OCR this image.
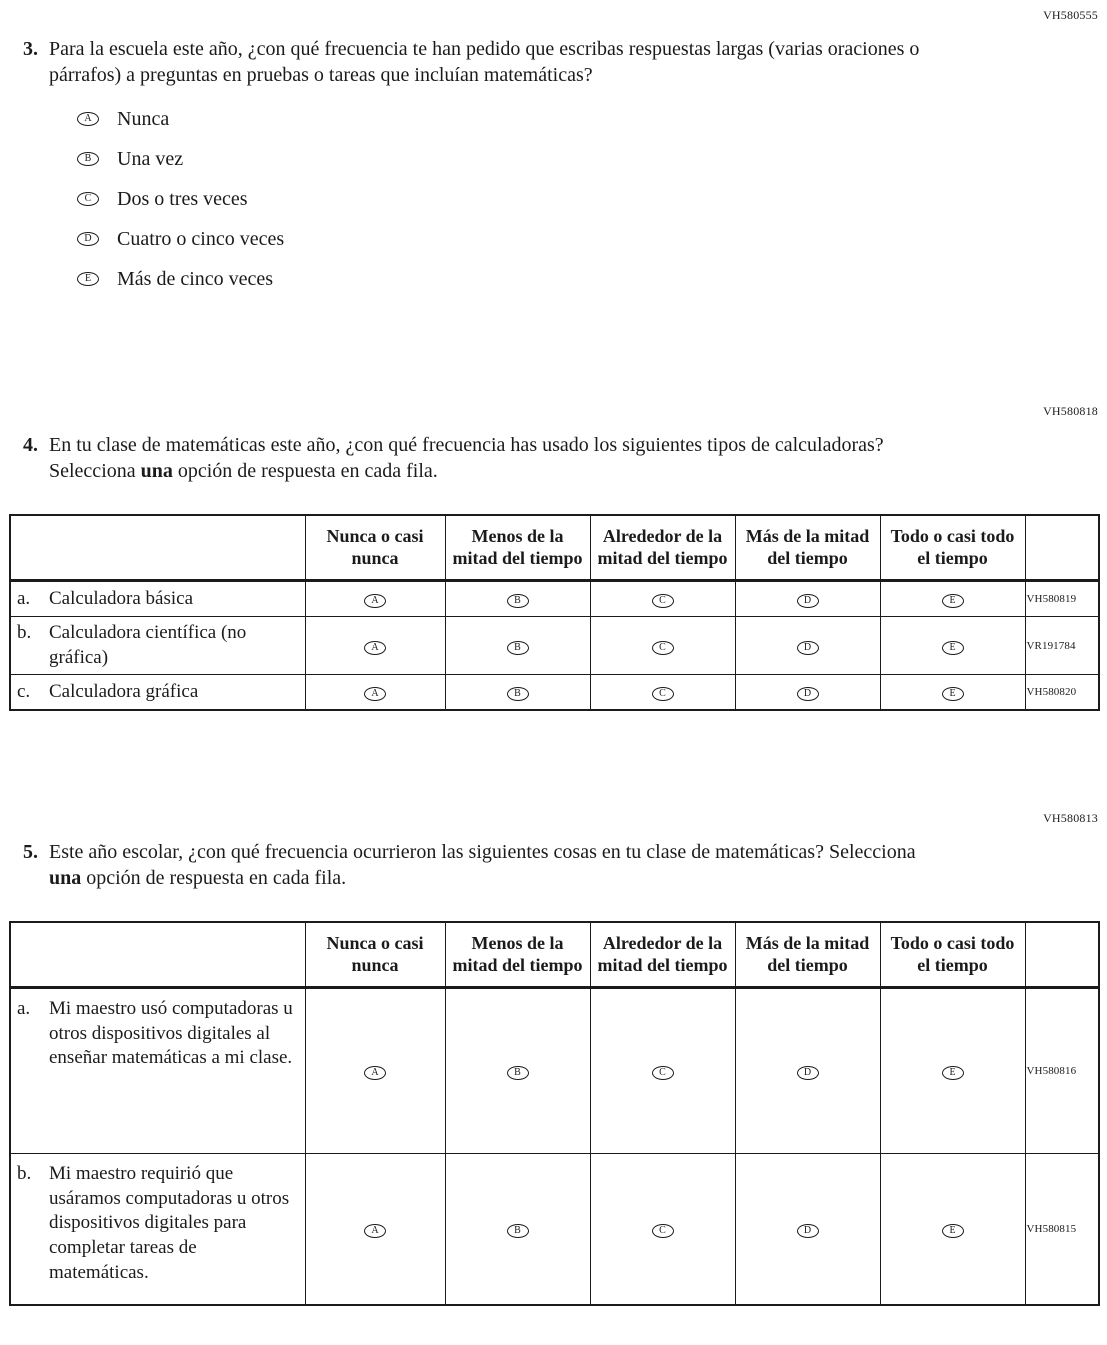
VH580555
3. Para la escuela este año, ¿con qué frecuencia te han pedido que escribas respuestas largas (varias oraciones o párrafos) a preguntas en pruebas o tareas que incluían matemáticas?
A	Nunca
B	Una vez
C	Dos o tres veces
D	Cuatro o cinco veces
E	Más de cinco veces
VH580818
4. En tu clase de matemáticas este año, ¿con qué frecuencia has usado los siguientes tipos de calculadoras? Selecciona una opción de respuesta en cada fila.
	Nunca o casi nunca	Menos de la mitad del tiempo	Alrededor de la mitad del tiempo	Más de la mitad del tiempo	Todo o casi todo el tiempo	

a. Calculadora básica	A	B	C	D	E	VH580819

b. Calculadora científica (no gráfica)	A	B	C	D	E	VR191784

c. Calculadora gráfica	A	B	C	D	E	VH580820
VH580813
5. Este año escolar, ¿con qué frecuencia ocurrieron las siguientes cosas en tu clase de matemáticas? Selecciona una opción de respuesta en cada fila.
	Nunca o casi nunca	Menos de la mitad del tiempo	Alrededor de la mitad del tiempo	Más de la mitad del tiempo	Todo o casi todo el tiempo	

a. Mi maestro usó computadoras u otros dispositivos digitales al enseñar matemáticas a mi clase.	A	B	C	D	E	VH580816

b. Mi maestro requirió que usáramos computadoras u otros dispositivos digitales para completar tareas de matemáticas.	A	B	C	D	E	VH580815
